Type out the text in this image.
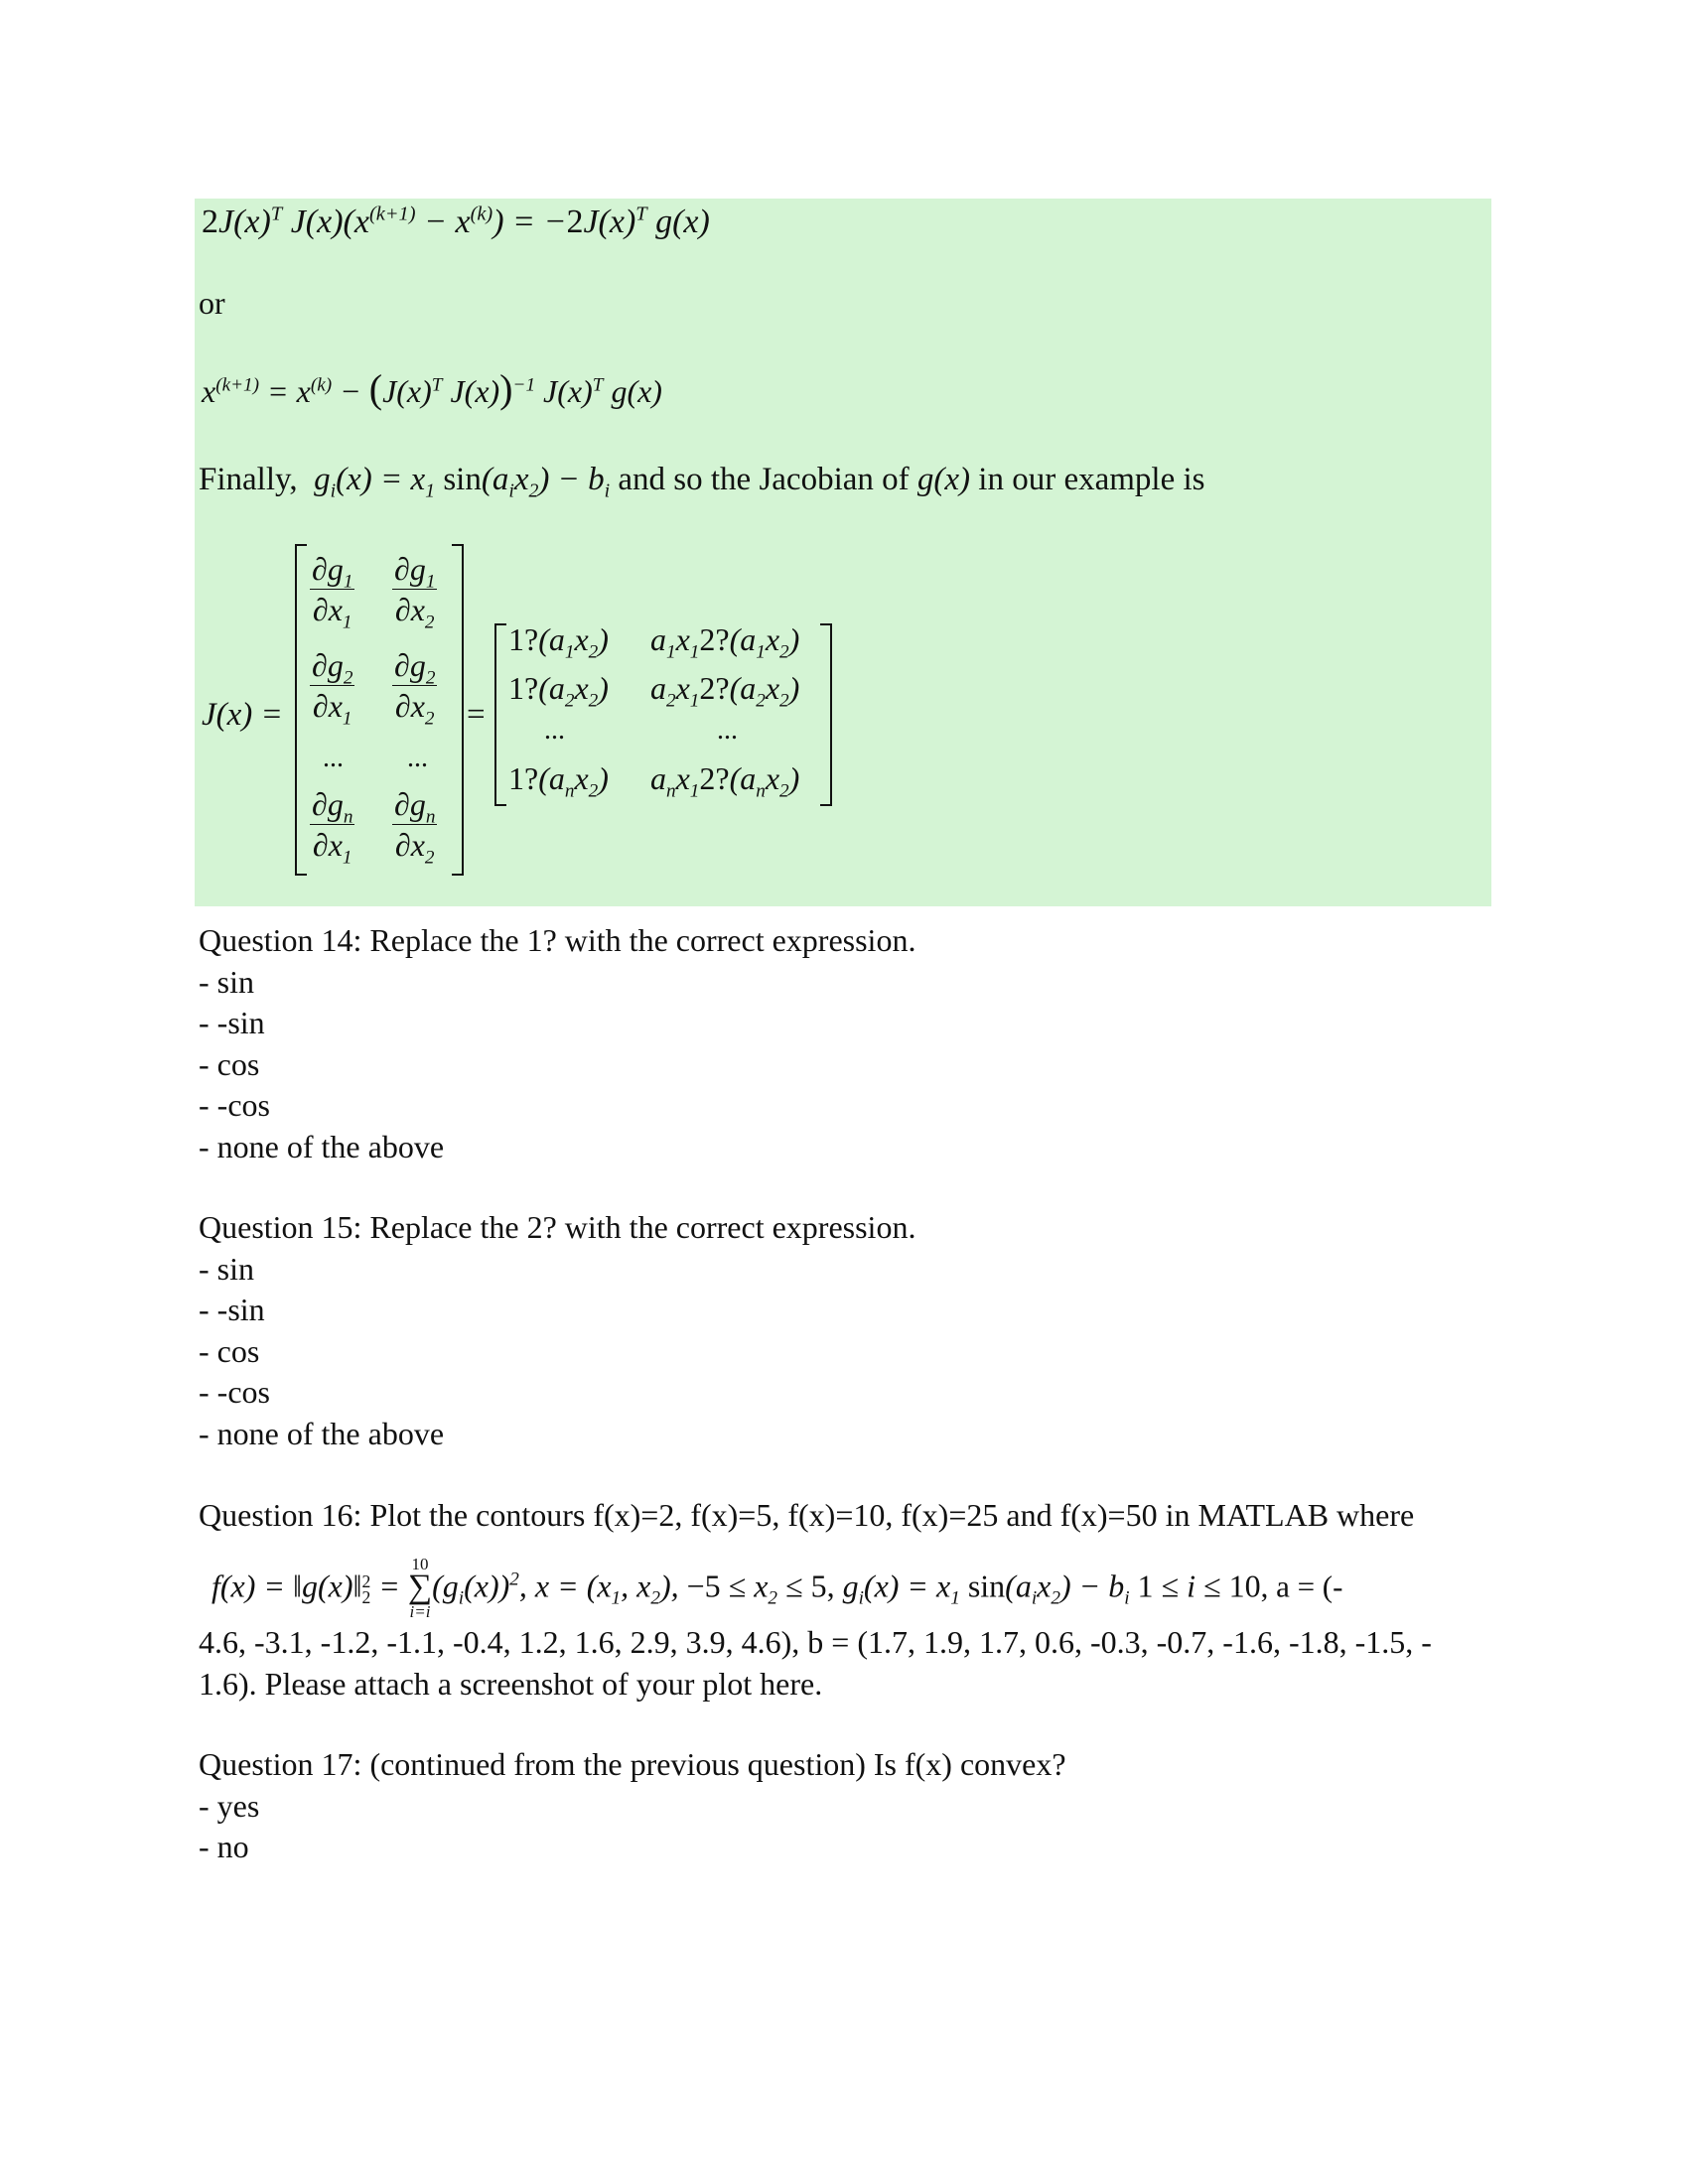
$2J(x)^T$ $J(x)(x^{(k+1)} - x^{(k)}) = -2J(x)^T$ g(x)
or
$x^{(k+1)} = x^{(k)} - (J(x)^T$ J(x))$^{-1}$ $J(x)^T$ g(x)
Finally,  $g_i(x) = x_1$ $\sin(a_ix_2) - b_i$ and so the Jacobian of g(x) in our example is
J(x) =
$\frac{\partial g_1}{\partial x_1} \frac{\partial g_1}{\partial x_2}$
$\frac{\partial g_2}{\partial x_1} \frac{\partial g_2}{\partial x_2}$
... ...
$\frac{\partial g_n}{\partial x_1} \frac{\partial g_n}{\partial x_2}$
=
$1?(a_1x_2)$ $a_1x_12?(a_1x_2)$
$1?(a_2x_2)$ $a_2x_12?(a_2x_2)$
...	...
$1?(a_nx_2)$ $a_nx_12?(a_nx_2)$
Question 14: Replace the 1? with the correct expression.
- sin
- -sin
- cos
- -cos
- none of the above
Question 15: Replace the 2? with the correct expression.
- sin
- -sin
- cos
- -cos
- none of the above
Question 16: Plot the contours f(x)=2, f(x)=5, f(x)=10, f(x)=25 and f(x)=50 in MATLAB where
f(x) = ‖g(x)‖2
2 =
10
∑
i=i
$(g_i(x))^2$, $x = (x_1$, $x_2$), $-5 \le x_2 \le 5$, $g_i(x) = x_1$ $\sin(a_ix_2) - b_i$ 1 ≤ i ≤ 10, a = (-
4.6, -3.1, -1.2, -1.1, -0.4, 1.2, 1.6, 2.9, 3.9, 4.6), b = (1.7, 1.9, 1.7, 0.6, -0.3, -0.7, -1.6, -1.8, -1.5, -
1.6). Please attach a screenshot of your plot here.
Question 17: (continued from the previous question) Is f(x) convex?
- yes
- no
